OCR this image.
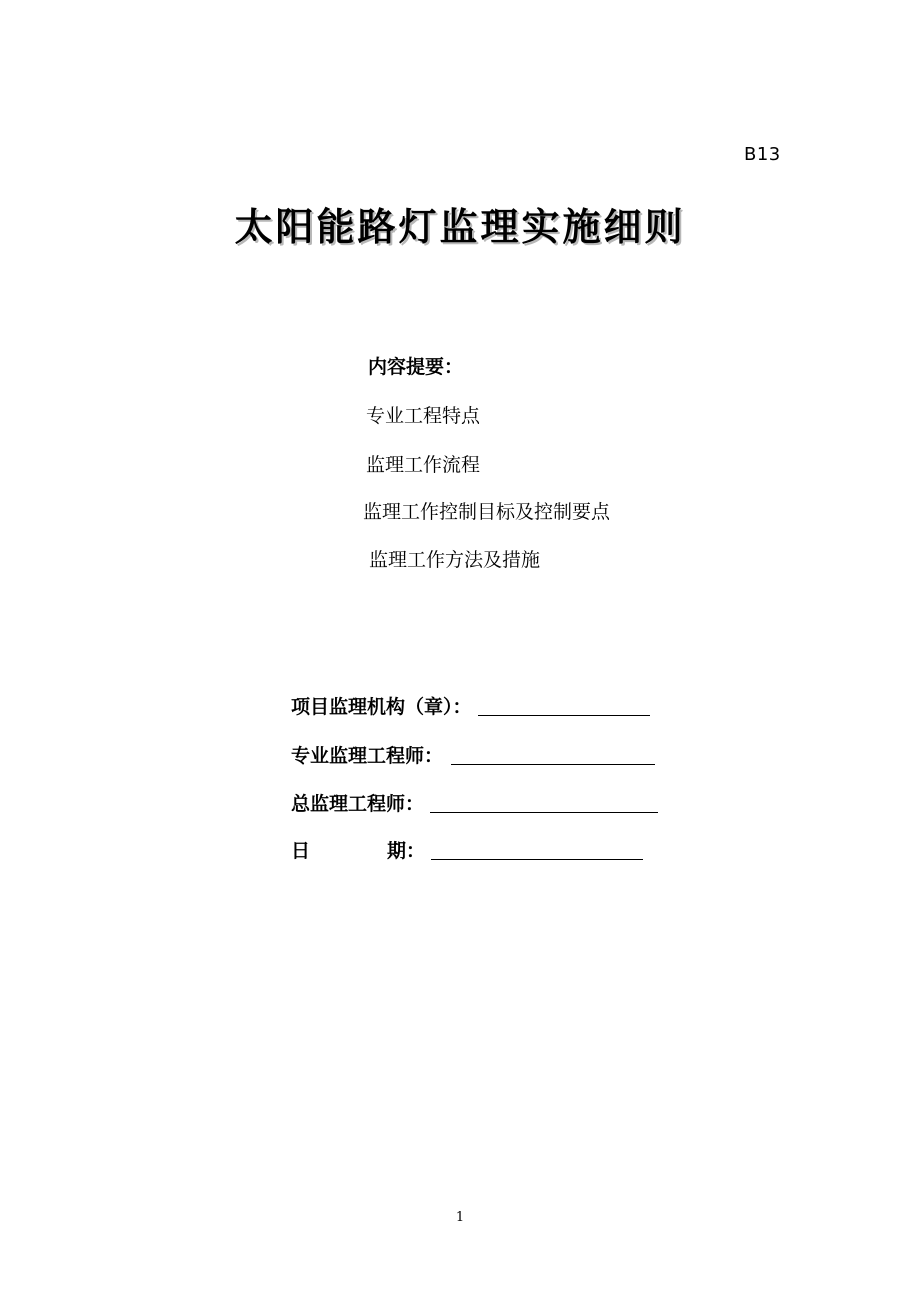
B13
太阳能路灯监理实施细则
内容提要：
专业工程特点
监理工作流程
监理工作控制目标及控制要点
监理工作方法及措施
项目监理机构（章）：
专业监理工程师：
总监理工程师：
日	期：
1
